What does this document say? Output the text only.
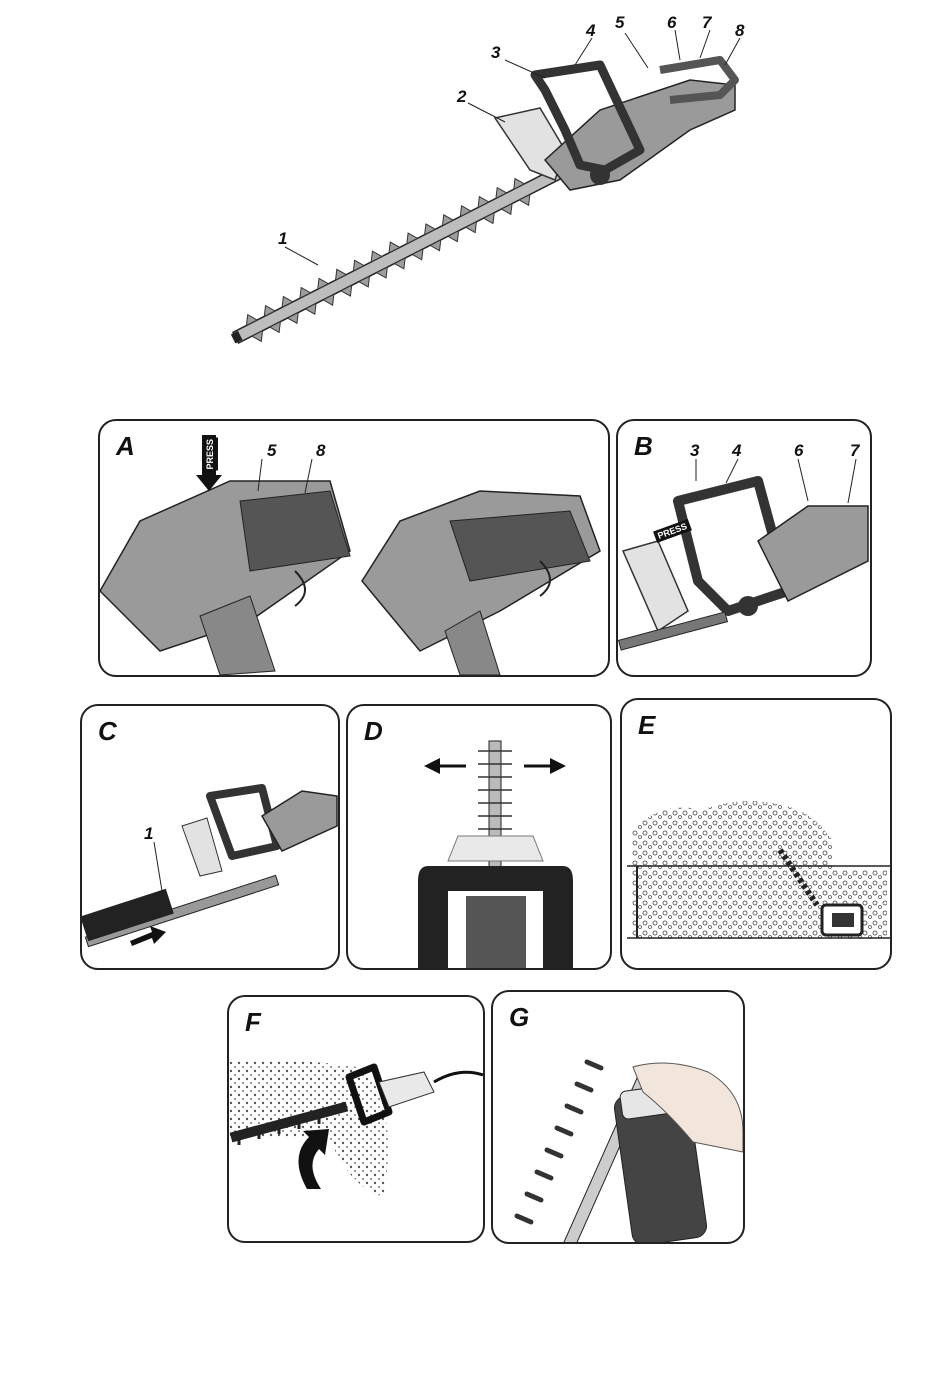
1
2
3
4 5	6 7 8
A	PRESS	5 8	B
PRESS
3 4	6	7
C
1
D	E
F	G
